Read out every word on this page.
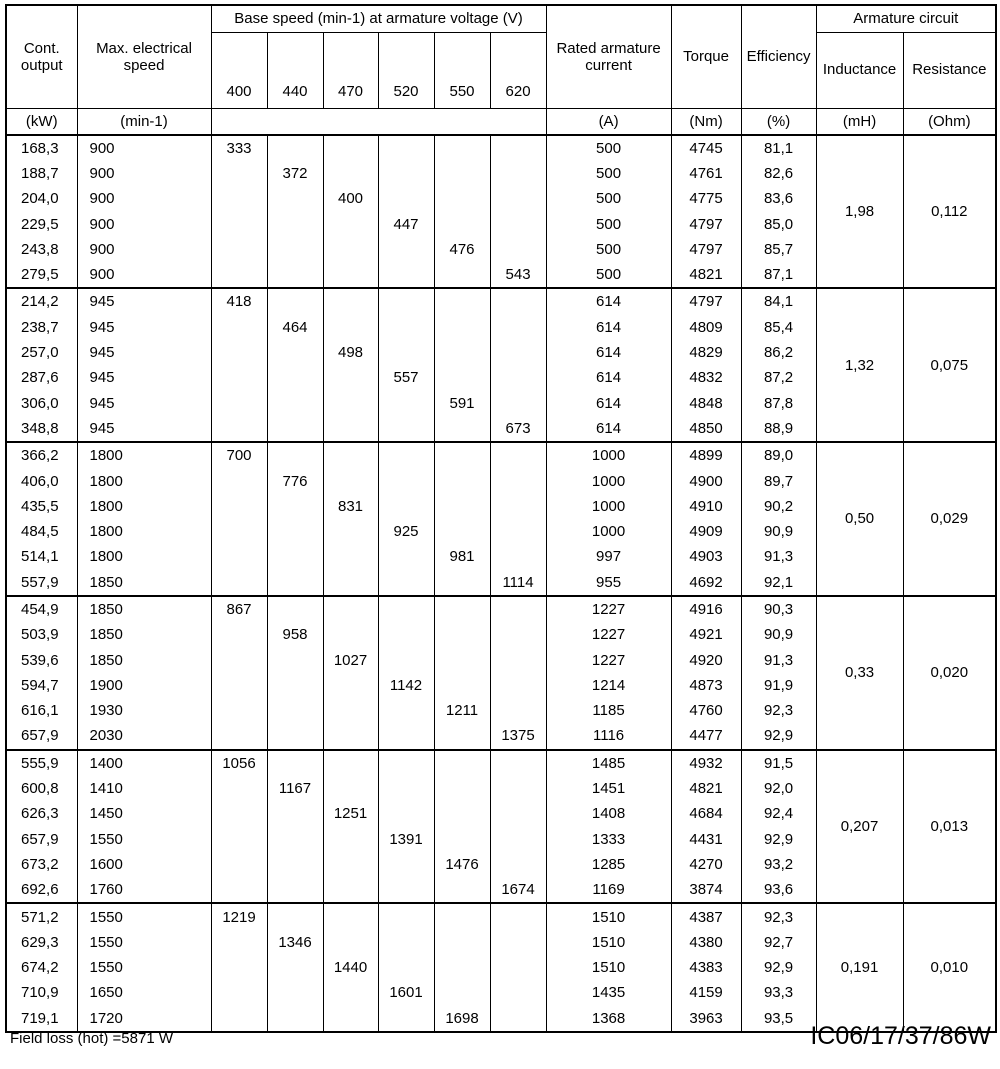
Cont. output	Max. electrical speed	Base speed (min-1) at armature voltage (V)						Rated armature current	Torque	Efficiency	Armature circuit	
		400	440	470	520	550	620				Inductance	Resistance
(kW)	(min-1)							(A)	(Nm)	(%)	(mH)	(Ohm)
168,3	900	333						500	4745	81,1	1,98	0,112
188,7	900		372					500	4761	82,6		
204,0	900			400				500	4775	83,6		
229,5	900				447			500	4797	85,0		
243,8	900					476		500	4797	85,7		
279,5	900						543	500	4821	87,1		
214,2	945	418						614	4797	84,1	1,32	0,075
238,7	945		464					614	4809	85,4		
257,0	945			498				614	4829	86,2		
287,6	945				557			614	4832	87,2		
306,0	945					591		614	4848	87,8		
348,8	945						673	614	4850	88,9		
366,2	1800	700						1000	4899	89,0	0,50	0,029
406,0	1800		776					1000	4900	89,7		
435,5	1800			831				1000	4910	90,2		
484,5	1800				925			1000	4909	90,9		
514,1	1800					981		997	4903	91,3		
557,9	1850						1114	955	4692	92,1		
454,9	1850	867						1227	4916	90,3	0,33	0,020
503,9	1850		958					1227	4921	90,9		
539,6	1850			1027				1227	4920	91,3		
594,7	1900				1142			1214	4873	91,9		
616,1	1930					1211		1185	4760	92,3		
657,9	2030						1375	1116	4477	92,9		
555,9	1400	1056						1485	4932	91,5	0,207	0,013
600,8	1410		1167					1451	4821	92,0		
626,3	1450			1251				1408	4684	92,4		
657,9	1550				1391			1333	4431	92,9		
673,2	1600					1476		1285	4270	93,2		
692,6	1760						1674	1169	3874	93,6		
571,2	1550	1219						1510	4387	92,3	0,191	0,010
629,3	1550		1346					1510	4380	92,7		
674,2	1550			1440				1510	4383	92,9		
710,9	1650				1601			1435	4159	93,3		
719,1	1720					1698		1368	3963	93,5		
Field loss (hot) =5871 W	IC06/17/37/86W
